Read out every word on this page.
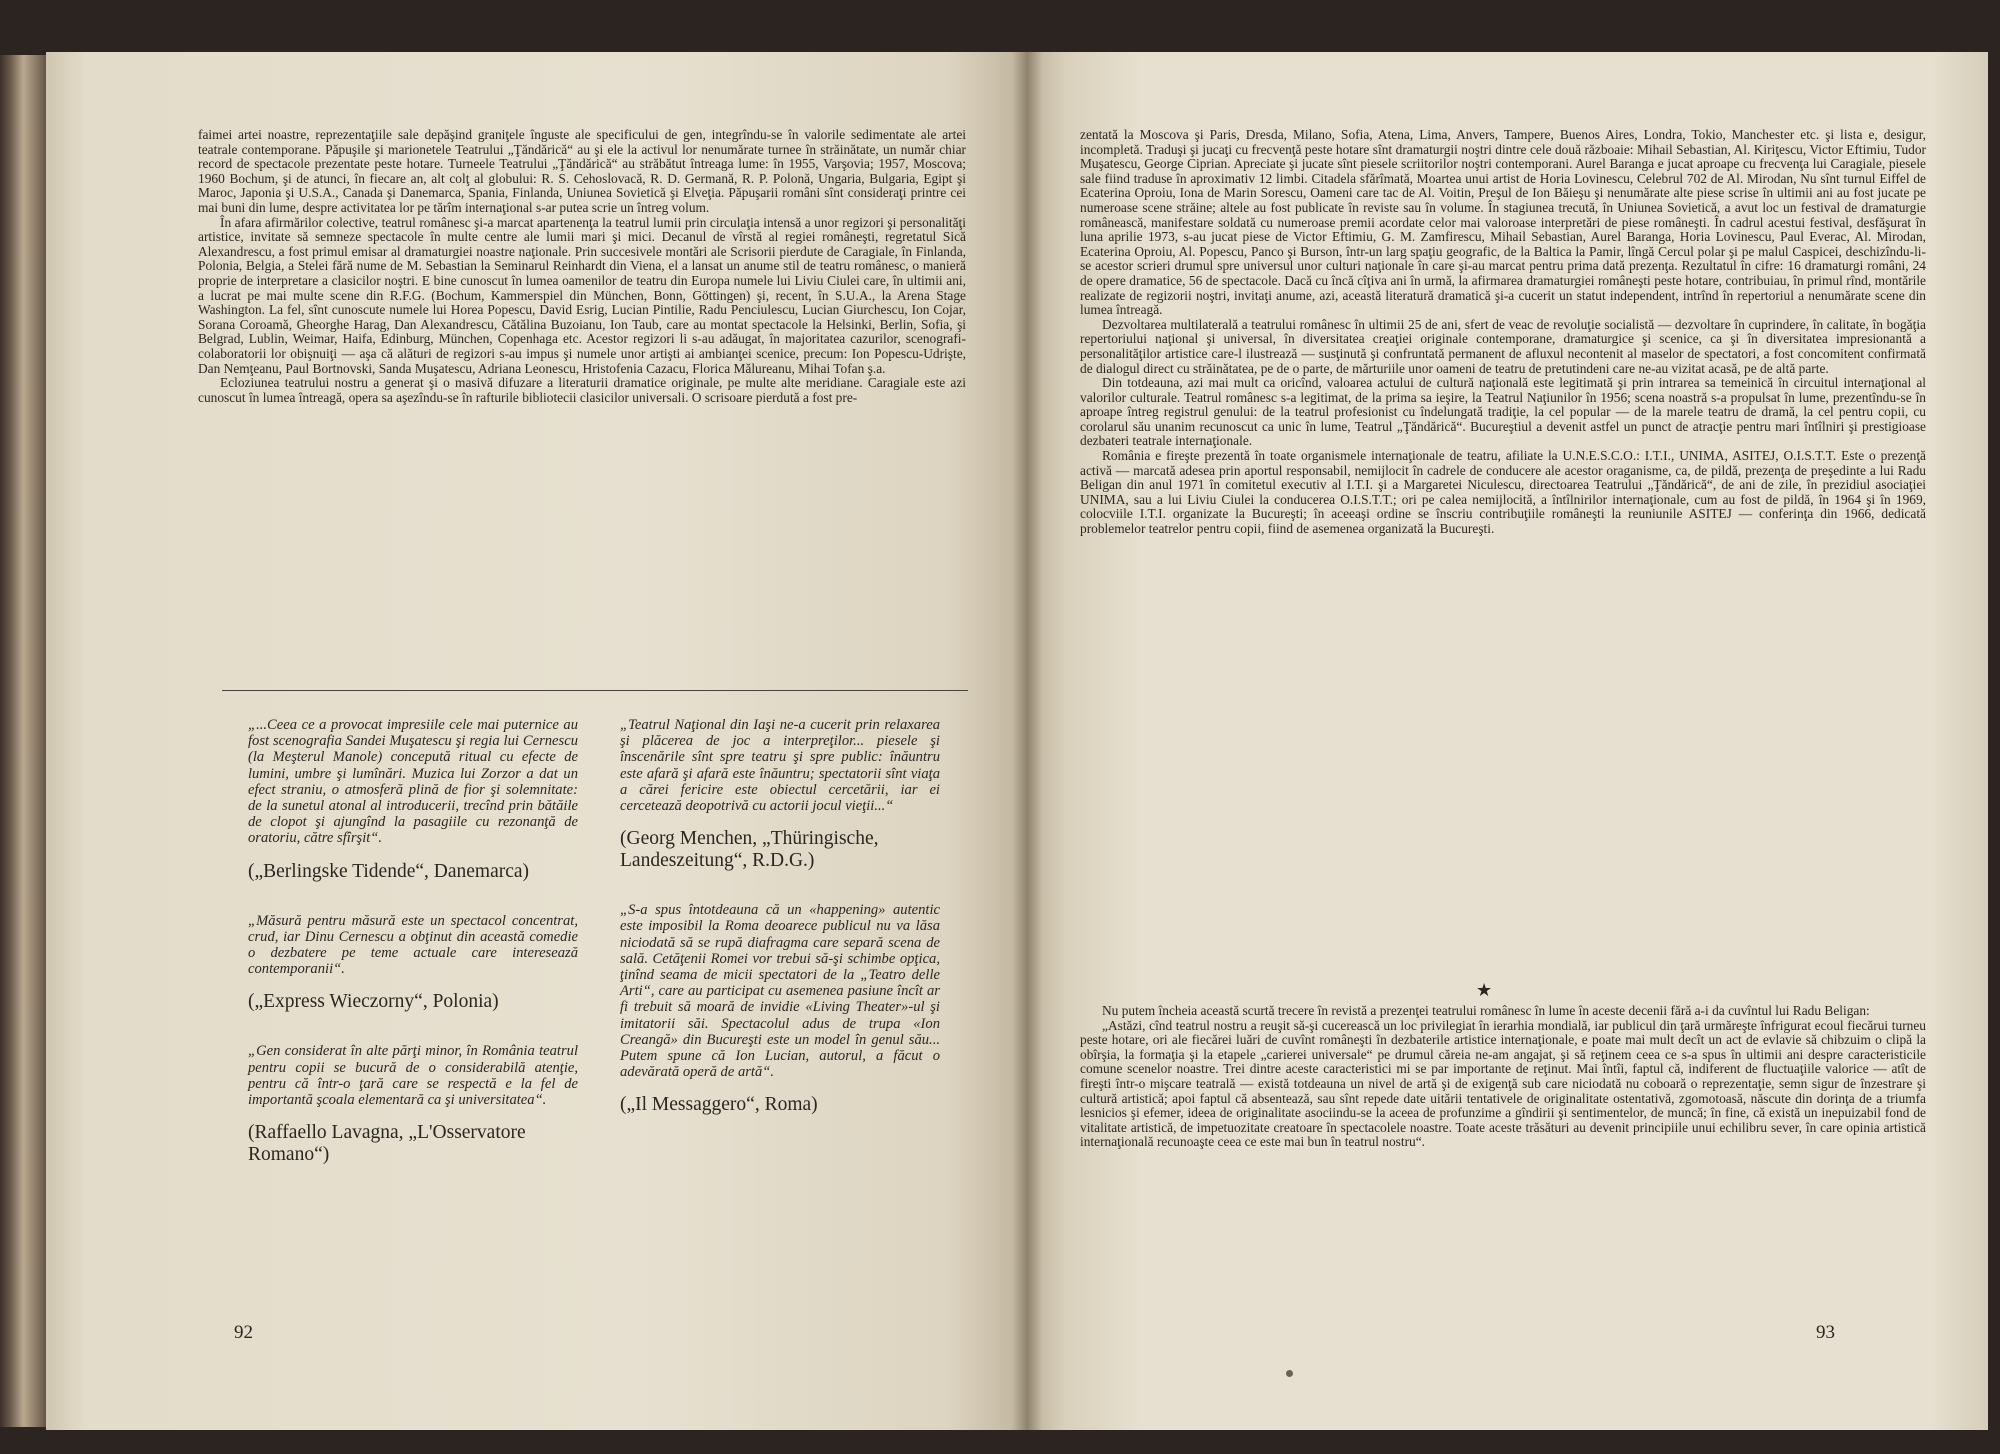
faimei artei noastre, reprezentaţiile sale depăşind graniţele înguste ale specificului de gen, integrîndu-se în valorile sedimentate ale artei teatrale contemporane. Păpuşile şi marionetele Teatrului „Ţăndărică“ au şi ele la activul lor nenumărate turnee în străinătate, un număr chiar record de spectacole prezentate peste hotare. Turneele Teatrului „Ţăndărică“ au străbătut întreaga lume: în 1955, Varşovia; 1957, Moscova; 1960 Bochum, şi de atunci, în fiecare an, alt colţ al globului: R. S. Cehoslovacă, R. D. Germană, R. P. Polonă, Ungaria, Bulgaria, Egipt şi Maroc, Japonia şi U.S.A., Canada şi Danemarca, Spania, Finlanda, Uniunea Sovietică şi Elveţia. Păpuşarii români sînt consideraţi printre cei mai buni din lume, despre activitatea lor pe tărîm internaţional s-ar putea scrie un întreg volum.

În afara afirmărilor colective, teatrul românesc şi-a marcat apartenenţa la teatrul lumii prin circulaţia intensă a unor regizori şi personalităţi artistice, invitate să semneze spectacole în multe centre ale lumii mari şi mici. Decanul de vîrstă al regiei româneşti, regretatul Sică Alexandrescu, a fost primul emisar al dramaturgiei noastre naţionale. Prin succesivele montări ale Scrisorii pierdute de Caragiale, în Finlanda, Polonia, Belgia, a Stelei fără nume de M. Sebastian la Seminarul Reinhardt din Viena, el a lansat un anume stil de teatru românesc, o manieră proprie de interpretare a clasicilor noştri. E bine cunoscut în lumea oamenilor de teatru din Europa numele lui Liviu Ciulei care, în ultimii ani, a lucrat pe mai multe scene din R.F.G. (Bochum, Kammerspiel din München, Bonn, Göttingen) şi, recent, în S.U.A., la Arena Stage Washington. La fel, sînt cunoscute numele lui Horea Popescu, David Esrig, Lucian Pintilie, Radu Penciulescu, Lucian Giurchescu, Ion Cojar, Sorana Coroamă, Gheorghe Harag, Dan Alexandrescu, Cătălina Buzoianu, Ion Taub, care au montat spectacole la Helsinki, Berlin, Sofia, şi Belgrad, Lublin, Weimar, Haifa, Edinburg, München, Copenhaga etc. Acestor regizori li s-au adăugat, în majoritatea cazurilor, scenografi-colaboratorii lor obişnuiţi — aşa că alături de regizori s-au impus şi numele unor artişti ai ambianţei scenice, precum: Ion Popescu-Udrişte, Dan Nemţeanu, Paul Bortnovski, Sanda Muşatescu, Adriana Leonescu, Hristofenia Cazacu, Florica Mălureanu, Mihai Tofan ş.a.

Ecloziunea teatrului nostru a generat şi o masivă difuzare a literaturii dramatice originale, pe multe alte meridiane. Caragiale este azi cunoscut în lumea întreagă, opera sa aşezîndu-se în rafturile bibliotecii clasicilor universali. O scrisoare pierdută a fost pre-

„...Ceea ce a provocat impresiile cele mai puternice au fost scenografia Sandei Muşatescu şi regia lui Cernescu (la Meşterul Manole) concepută ritual cu efecte de lumini, umbre şi lumînări. Muzica lui Zorzor a dat un efect straniu, o atmosferă plină de fior şi solemnitate: de la sunetul atonal al introducerii, trecînd prin bătăile de clopot şi ajungînd la pasagiile cu rezonanţă de oratoriu, către sfîrşit“.

(„Berlingske Tidende“, Danemarca)

„Măsură pentru măsură este un spectacol concentrat, crud, iar Dinu Cernescu a obţinut din această comedie o dezbatere pe teme actuale care interesează contemporanii“.

(„Express Wieczorny“, Polonia)

„Gen considerat în alte părţi minor, în România teatrul pentru copii se bucură de o considerabilă atenţie, pentru că într-o ţară care se respectă e la fel de importantă şcoala elementară ca şi universitatea“.

(Raffaello Lavagna, „L'Osservatore Romano“)

„Teatrul Naţional din Iaşi ne-a cucerit prin relaxarea şi plăcerea de joc a interpreţilor... piesele şi înscenările sînt spre teatru şi spre public: înăuntru este afară şi afară este înăuntru; spectatorii sînt viaţa a cărei fericire este obiectul cercetării, iar ei cercetează deopotrivă cu actorii jocul vieţii...“

(Georg Menchen, „Thüringische, Landeszeitung“, R.D.G.)

„S-a spus întotdeauna că un «happening» autentic este imposibil la Roma deoarece publicul nu va lăsa niciodată să se rupă diafragma care separă scena de sală. Cetăţenii Romei vor trebui să-şi schimbe opţica, ţinînd seama de micii spectatori de la „Teatro delle Arti“, care au participat cu asemenea pasiune încît ar fi trebuit să moară de invidie «Living Theater»-ul şi imitatorii săi. Spectacolul adus de trupa «Ion Creangă» din Bucureşti este un model în genul său... Putem spune că Ion Lucian, autorul, a făcut o adevărată operă de artă“.

(„Il Messaggero“, Roma)
92

zentată la Moscova şi Paris, Dresda, Milano, Sofia, Atena, Lima, Anvers, Tampere, Buenos Aires, Londra, Tokio, Manchester etc. şi lista e, desigur, incompletă. Traduşi şi jucaţi cu frecvenţă peste hotare sînt dramaturgii noştri dintre cele două războaie: Mihail Sebastian, Al. Kiriţescu, Victor Eftimiu, Tudor Muşatescu, George Ciprian. Apreciate şi jucate sînt piesele scriitorilor noştri contemporani. Aurel Baranga e jucat aproape cu frecvenţa lui Caragiale, piesele sale fiind traduse în aproximativ 12 limbi. Citadela sfărîmată, Moartea unui artist de Horia Lovinescu, Celebrul 702 de Al. Mirodan, Nu sînt turnul Eiffel de Ecaterina Oproiu, Iona de Marin Sorescu, Oameni care tac de Al. Voitin, Preşul de Ion Băieşu şi nenumărate alte piese scrise în ultimii ani au fost jucate pe numeroase scene străine; altele au fost publicate în reviste sau în volume. În stagiunea trecută, în Uniunea Sovietică, a avut loc un festival de dramaturgie românească, manifestare soldată cu numeroase premii acordate celor mai valoroase interpretări de piese româneşti. În cadrul acestui festival, desfăşurat în luna aprilie 1973, s-au jucat piese de Victor Eftimiu, G. M. Zamfirescu, Mihail Sebastian, Aurel Baranga, Horia Lovinescu, Paul Everac, Al. Mirodan, Ecaterina Oproiu, Al. Popescu, Panco şi Burson, într-un larg spaţiu geografic, de la Baltica la Pamir, lîngă Cercul polar şi pe malul Caspicei, deschizîndu-li-se acestor scrieri drumul spre universul unor culturi naţionale în care şi-au marcat pentru prima dată prezenţa. Rezultatul în cifre: 16 dramaturgi români, 24 de opere dramatice, 56 de spectacole. Dacă cu încă cîţiva ani în urmă, la afirmarea dramaturgiei româneşti peste hotare, contribuiau, în primul rînd, montările realizate de regizorii noştri, invitaţi anume, azi, această literatură dramatică şi-a cucerit un statut independent, intrînd în repertoriul a nenumărate scene din lumea întreagă.

Dezvoltarea multilaterală a teatrului românesc în ultimii 25 de ani, sfert de veac de revoluţie socialistă — dezvoltare în cuprindere, în calitate, în bogăţia repertoriului naţional şi universal, în diversitatea creaţiei originale contemporane, dramaturgice şi scenice, ca şi în diversitatea impresionantă a personalităţilor artistice care-l ilustrează — susţinută şi confruntată permanent de afluxul necontenit al maselor de spectatori, a fost concomitent confirmată de dialogul direct cu străinătatea, pe de o parte, de mărturiile unor oameni de teatru de pretutindeni care ne-au vizitat acasă, pe de altă parte.

Din totdeauna, azi mai mult ca oricînd, valoarea actului de cultură naţională este legitimată şi prin intrarea sa temeinică în circuitul internaţional al valorilor culturale. Teatrul românesc s-a legitimat, de la prima sa ieşire, la Teatrul Naţiunilor în 1956; scena noastră s-a propulsat în lume, prezentîndu-se în aproape întreg registrul genului: de la teatrul profesionist cu îndelungată tradiţie, la cel popular — de la marele teatru de dramă, la cel pentru copii, cu corolarul său unanim recunoscut ca unic în lume, Teatrul „Ţăndărică“. Bucureştiul a devenit astfel un punct de atracţie pentru mari întîlniri şi prestigioase dezbateri teatrale internaţionale.

România e fireşte prezentă în toate organismele internaţionale de teatru, afiliate la U.N.E.S.C.O.: I.T.I., UNIMA, ASITEJ, O.I.S.T.T. Este o prezenţă activă — marcată adesea prin aportul responsabil, nemijlocit în cadrele de conducere ale acestor oraganisme, ca, de pildă, prezenţa de preşedinte a lui Radu Beligan din anul 1971 în comitetul executiv al I.T.I. şi a Margaretei Niculescu, directoarea Teatrului „Ţăndărică“, de ani de zile, în prezidiul asociaţiei UNIMA, sau a lui Liviu Ciulei la conducerea O.I.S.T.T.; ori pe calea nemijlocită, a întîlnirilor internaţionale, cum au fost de pildă, în 1964 şi în 1969, colocviile I.T.I. organizate la Bucureşti; în aceeaşi ordine se înscriu contribuţiile româneşti la reuniunile ASITEJ — conferinţa din 1966, dedicată problemelor teatrelor pentru copii, fiind de asemenea organizată la Bucureşti.

★

Nu putem încheia această scurtă trecere în revistă a prezenţei teatrului românesc în lume în aceste decenii fără a-i da cuvîntul lui Radu Beligan:

„Astăzi, cînd teatrul nostru a reuşit să-şi cucerească un loc privilegiat în ierarhia mondială, iar publicul din ţară urmăreşte înfrigurat ecoul fiecărui turneu peste hotare, ori ale fiecărei luări de cuvînt româneşti în dezbaterile artistice internaţionale, e poate mai mult decît un act de evlavie să chibzuim o clipă la obîrşia, la formaţia şi la etapele „carierei universale“ pe drumul căreia ne-am angajat, şi să reţinem ceea ce s-a spus în ultimii ani despre caracteristicile comune scenelor noastre. Trei dintre aceste caracteristici mi se par importante de reţinut. Mai întîi, faptul că, indiferent de fluctuaţiile valorice — atît de fireşti într-o mişcare teatrală — există totdeauna un nivel de artă şi de exigenţă sub care niciodată nu coboară o reprezentaţie, semn sigur de înzestrare şi cultură artistică; apoi faptul că absentează, sau sînt repede date uitării tentativele de originalitate ostentativă, zgomotoasă, născute din dorinţa de a triumfa lesnicios şi efemer, ideea de originalitate asociindu-se la aceea de profunzime a gîndirii şi sentimentelor, de muncă; în fine, că există un inepuizabil fond de vitalitate artistică, de impetuozitate creatoare în spectacolele noastre. Toate aceste trăsături au devenit principiile unui echilibru sever, în care opinia artistică internaţională recunoaşte ceea ce este mai bun în teatrul nostru“.

93
